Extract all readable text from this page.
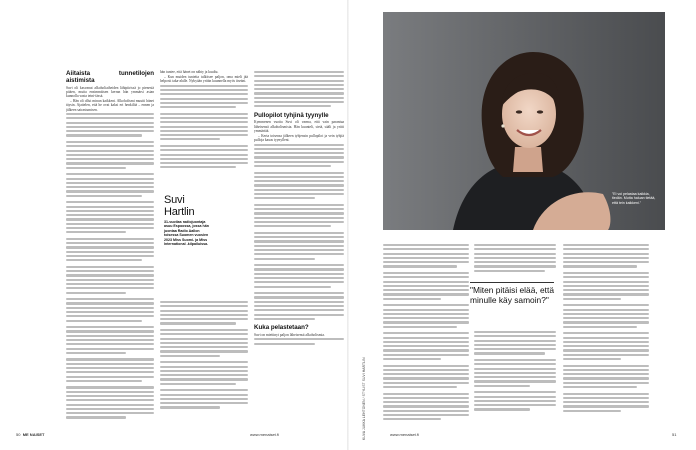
Aiitaista tunnetilojen aistimista

Suvi oli kasvanut alkoholiaiheiden lähipiirissä jo pienestä pitäen, mutta ensimmäisen kerran hän ymmärsi asian kunnolla vasta teini-iässä.

– Hän oli ollut minun kaikkeni. Alkoholismi muutti hänet täysin. Ajattelen, että he ovat kaksi eri henkilöä – ennen ja jälkeen sairastumisen.

hän tuntee, että hänet on nähty ja kuultu.

– Kun muiden tunteita tulkitsee paljon, oma mieli jää helposti taka-alalle. Nykyään yritän kuunnella myös itseäni.

Suvi Hartlin
31-vuotias radiojuontaja asuu Espoossa, jossa hän juontaa Radio Aallon toisessa Suomen vuosien 2023 Miss Suomi- ja Miss International -kilpailuissa.
Pullopilot tyhjinä tyynylle

Kymmenen vuotta Suvi oli varma, että vain parantua läheisensä alkoholismista. Hän kuunteli, sietä, sääli ja yritti ymmärtää.

– Kerta toisensa jälkeen tyhjensin pullopilot ja vein tyhjiä pulloja kauas tyynylleni.

Kuka pelastetaan?

Suvi on miettinyt paljon läheisensä alkoholismia.

"Ei voi pelastaa kaikkia, tiedän. Mutta haluan tietää, että tein kaikkeni."
KUVA JUKKA LEHTONEN / STYLIST SUVI HARTLIN
"Miten pitäisi elää, että minulle käy samoin?"
50 ME NAISET	www.menaiset.fi	www.menaiset.fi	51
